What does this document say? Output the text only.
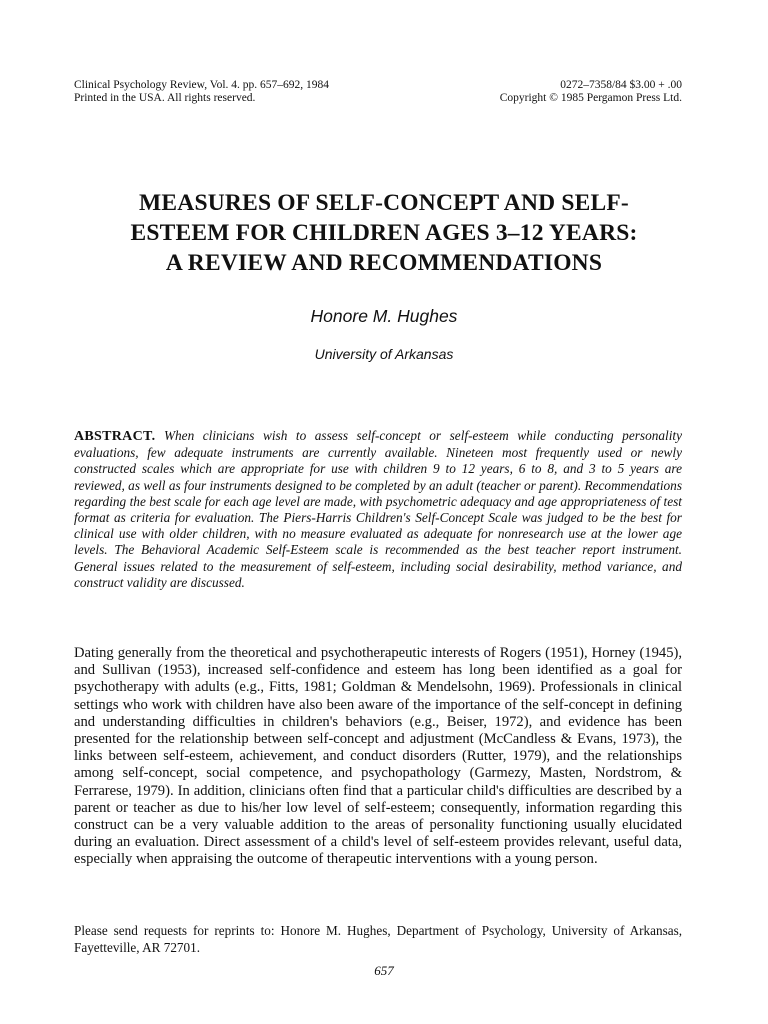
Clinical Psychology Review, Vol. 4. pp. 657–692, 1984
Printed in the USA. All rights reserved.
0272–7358/84 $3.00 + .00
Copyright © 1985 Pergamon Press Ltd.
MEASURES OF SELF-CONCEPT AND SELF-
ESTEEM FOR CHILDREN AGES 3–12 YEARS:
A REVIEW AND RECOMMENDATIONS
Honore M. Hughes
University of Arkansas
ABSTRACT. When clinicians wish to assess self-concept or self-esteem while conducting personality evaluations, few adequate instruments are currently available. Nineteen most frequently used or newly constructed scales which are appropriate for use with children 9 to 12 years, 6 to 8, and 3 to 5 years are reviewed, as well as four instruments designed to be completed by an adult (teacher or parent). Recommendations regarding the best scale for each age level are made, with psychometric adequacy and age appropriateness of test format as criteria for evaluation. The Piers-Harris Children's Self-Concept Scale was judged to be the best for clinical use with older children, with no measure evaluated as adequate for nonresearch use at the lower age levels. The Behavioral Academic Self-Esteem scale is recommended as the best teacher report instrument. General issues related to the measurement of self-esteem, including social desirability, method variance, and construct validity are discussed.
Dating generally from the theoretical and psychotherapeutic interests of Rogers (1951), Horney (1945), and Sullivan (1953), increased self-confidence and esteem has long been identified as a goal for psychotherapy with adults (e.g., Fitts, 1981; Goldman & Mendelsohn, 1969). Professionals in clinical settings who work with children have also been aware of the importance of the self-concept in defining and understanding difficulties in children's behaviors (e.g., Beiser, 1972), and evidence has been presented for the relationship between self-concept and adjustment (McCandless & Evans, 1973), the links between self-esteem, achievement, and conduct disorders (Rutter, 1979), and the relationships among self-concept, social competence, and psychopathology (Garmezy, Masten, Nordstrom, & Ferrarese, 1979). In addition, clinicians often find that a particular child's difficulties are described by a parent or teacher as due to his/her low level of self-esteem; consequently, information regarding this construct can be a very valuable addition to the areas of personality functioning usually elucidated during an evaluation. Direct assessment of a child's level of self-esteem provides relevant, useful data, especially when appraising the outcome of therapeutic interventions with a young person.
Please send requests for reprints to: Honore M. Hughes, Department of Psychology, University of Arkansas, Fayetteville, AR 72701.
657
